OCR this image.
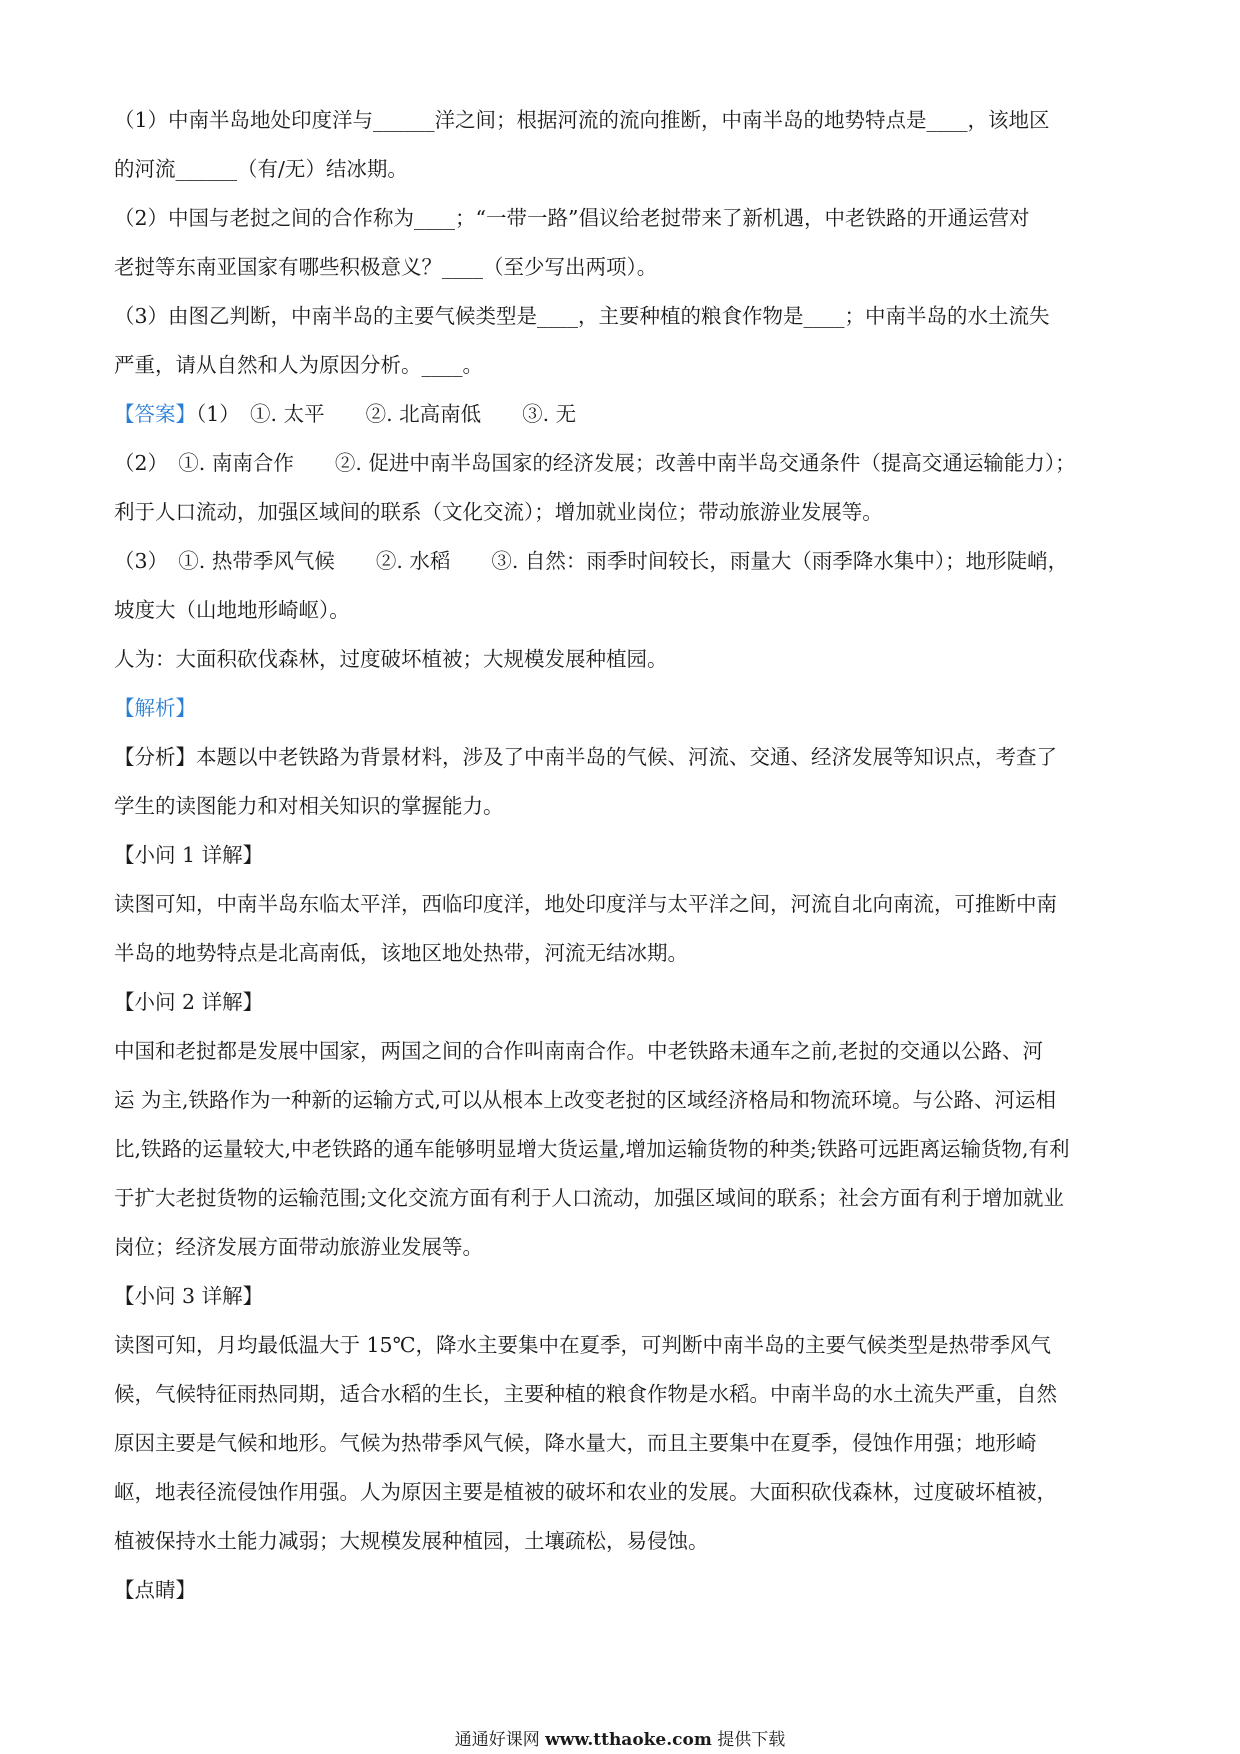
（1）中南半岛地处印度洋与______洋之间；根据河流的流向推断，中南半岛的地势特点是____，该地区
的河流______（有/无）结冰期。
（2）中国与老挝之间的合作称为____；“一带一路”倡议给老挝带来了新机遇，中老铁路的开通运营对
老挝等东南亚国家有哪些积极意义？____（至少写出两项）。
（3）由图乙判断，中南半岛的主要气候类型是____，主要种植的粮食作物是____；中南半岛的水土流失
严重，请从自然和人为原因分析。____。
【答案】（1）　①. 太平　　②. 北高南低　　③. 无
（2）　①. 南南合作　　②. 促进中南半岛国家的经济发展；改善中南半岛交通条件（提高交通运输能力）；
利于人口流动，加强区域间的联系（文化交流）；增加就业岗位；带动旅游业发展等。
（3）　①. 热带季风气候　　②. 水稻　　③. 自然：雨季时间较长，雨量大（雨季降水集中）；地形陡峭，
坡度大（山地地形崎岖）。
人为：大面积砍伐森林，过度破坏植被；大规模发展种植园。
【解析】
【分析】本题以中老铁路为背景材料，涉及了中南半岛的气候、河流、交通、经济发展等知识点，考查了
学生的读图能力和对相关知识的掌握能力。
【小问 1 详解】
读图可知，中南半岛东临太平洋，西临印度洋，地处印度洋与太平洋之间，河流自北向南流，可推断中南
半岛的地势特点是北高南低，该地区地处热带，河流无结冰期。
【小问 2 详解】
中国和老挝都是发展中国家，两国之间的合作叫南南合作。中老铁路未通车之前,老挝的交通以公路、河
运 为主,铁路作为一种新的运输方式,可以从根本上改变老挝的区域经济格局和物流环境。与公路、河运相
比,铁路的运量较大,中老铁路的通车能够明显增大货运量,增加运输货物的种类;铁路可远距离运输货物,有利
于扩大老挝货物的运输范围;文化交流方面有利于人口流动，加强区域间的联系；社会方面有利于增加就业
岗位；经济发展方面带动旅游业发展等。
【小问 3 详解】
读图可知，月均最低温大于 15℃，降水主要集中在夏季，可判断中南半岛的主要气候类型是热带季风气
候，气候特征雨热同期，适合水稻的生长，主要种植的粮食作物是水稻。中南半岛的水土流失严重，自然
原因主要是气候和地形。气候为热带季风气候，降水量大，而且主要集中在夏季，侵蚀作用强；地形崎
岖，地表径流侵蚀作用强。人为原因主要是植被的破坏和农业的发展。大面积砍伐森林，过度破坏植被，
植被保持水土能力减弱；大规模发展种植园，土壤疏松，易侵蚀。
【点睛】
通通好课网 www.tthaoke.com 提供下载
